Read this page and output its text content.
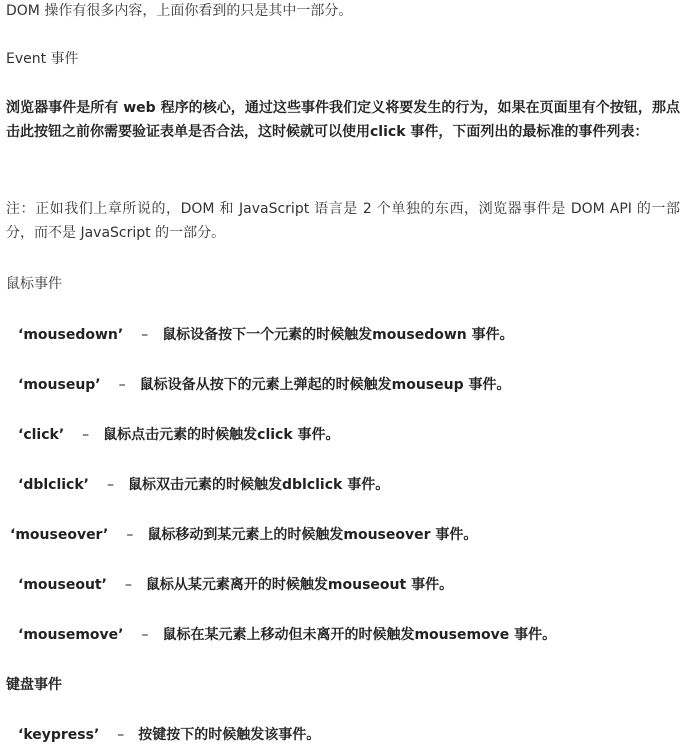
DOM 操作有很多内容，上面你看到的只是其中一部分。
Event 事件
浏览器事件是所有 web 程序的核心，通过这些事件我们定义将要发生的行为，如果在页面里有个按钮，那点击此按钮之前你需要验证表单是否合法，这时候就可以使用click 事件，下面列出的最标准的事件列表：
注：正如我们上章所说的，DOM 和 JavaScript 语言是 2 个单独的东西，浏览器事件是 DOM API 的一部分，而不是 JavaScript 的一部分。
鼠标事件
‘mousedown’ – 鼠标设备按下一个元素的时候触发mousedown 事件。
‘mouseup’ – 鼠标设备从按下的元素上弹起的时候触发mouseup 事件。
‘click’ – 鼠标点击元素的时候触发click 事件。
‘dblclick’ – 鼠标双击元素的时候触发dblclick 事件。
‘mouseover’ – 鼠标移动到某元素上的时候触发mouseover 事件。
‘mouseout’ – 鼠标从某元素离开的时候触发mouseout 事件。
‘mousemove’ – 鼠标在某元素上移动但未离开的时候触发mousemove 事件。
键盘事件
‘keypress’ – 按键按下的时候触发该事件。
